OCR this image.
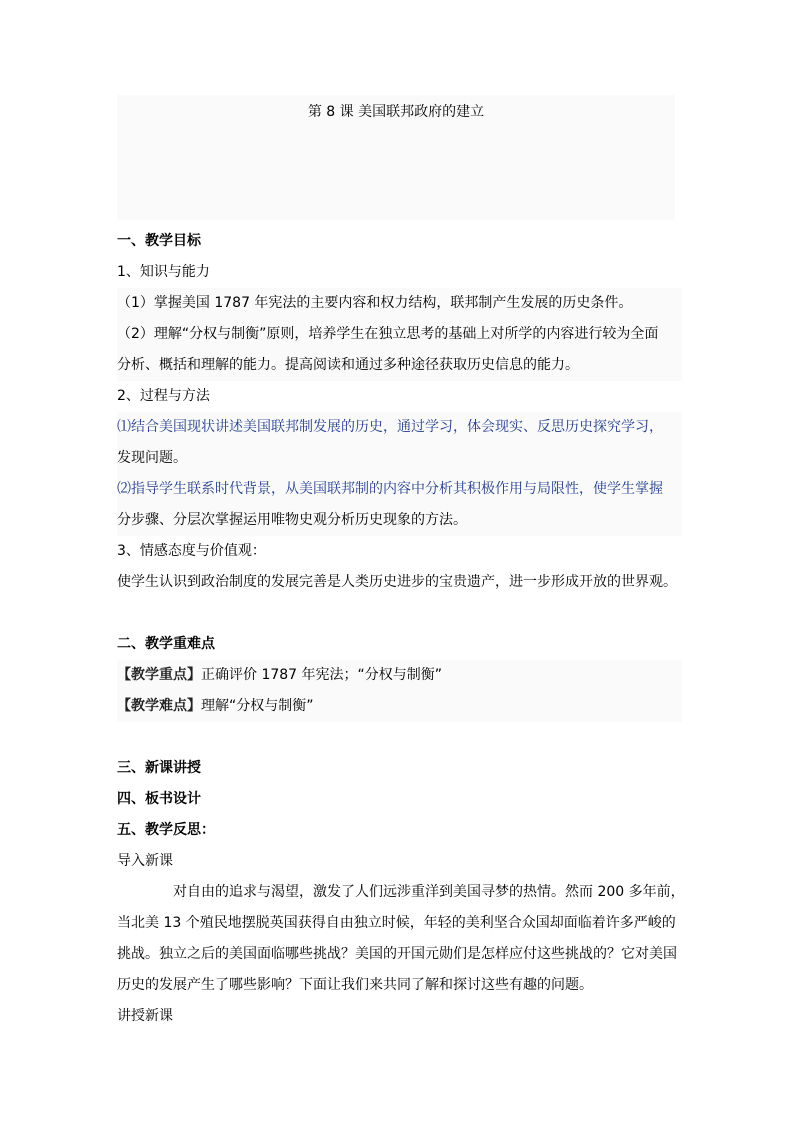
第 8 课 美国联邦政府的建立
一、教学目标
1、知识与能力
（1）掌握美国 1787 年宪法的主要内容和权力结构，联邦制产生发展的历史条件。
（2）理解“分权与制衡”原则，培养学生在独立思考的基础上对所学的内容进行较为全面
分析、概括和理解的能力。提高阅读和通过多种途径获取历史信息的能力。
2、过程与方法
⑴结合美国现状讲述美国联邦制发展的历史，通过学习，体会现实、反思历史探究学习，
发现问题。
⑵指导学生联系时代背景，从美国联邦制的内容中分析其积极作用与局限性，使学生掌握
分步骤、分层次掌握运用唯物史观分析历史现象的方法。
3、情感态度与价值观：
使学生认识到政治制度的发展完善是人类历史进步的宝贵遗产，进一步形成开放的世界观。
二、教学重难点
【教学重点】正确评价 1787 年宪法；“分权与制衡”
【教学难点】理解“分权与制衡”
三、新课讲授
四、板书设计
五、教学反思：
导入新课
对自由的追求与渴望，激发了人们远涉重洋到美国寻梦的热情。然而 200 多年前，
当北美 13 个殖民地摆脱英国获得自由独立时候，年轻的美利坚合众国却面临着许多严峻的
挑战。独立之后的美国面临哪些挑战？美国的开国元勋们是怎样应付这些挑战的？它对美国
历史的发展产生了哪些影响？下面让我们来共同了解和探讨这些有趣的问题。
讲授新课
